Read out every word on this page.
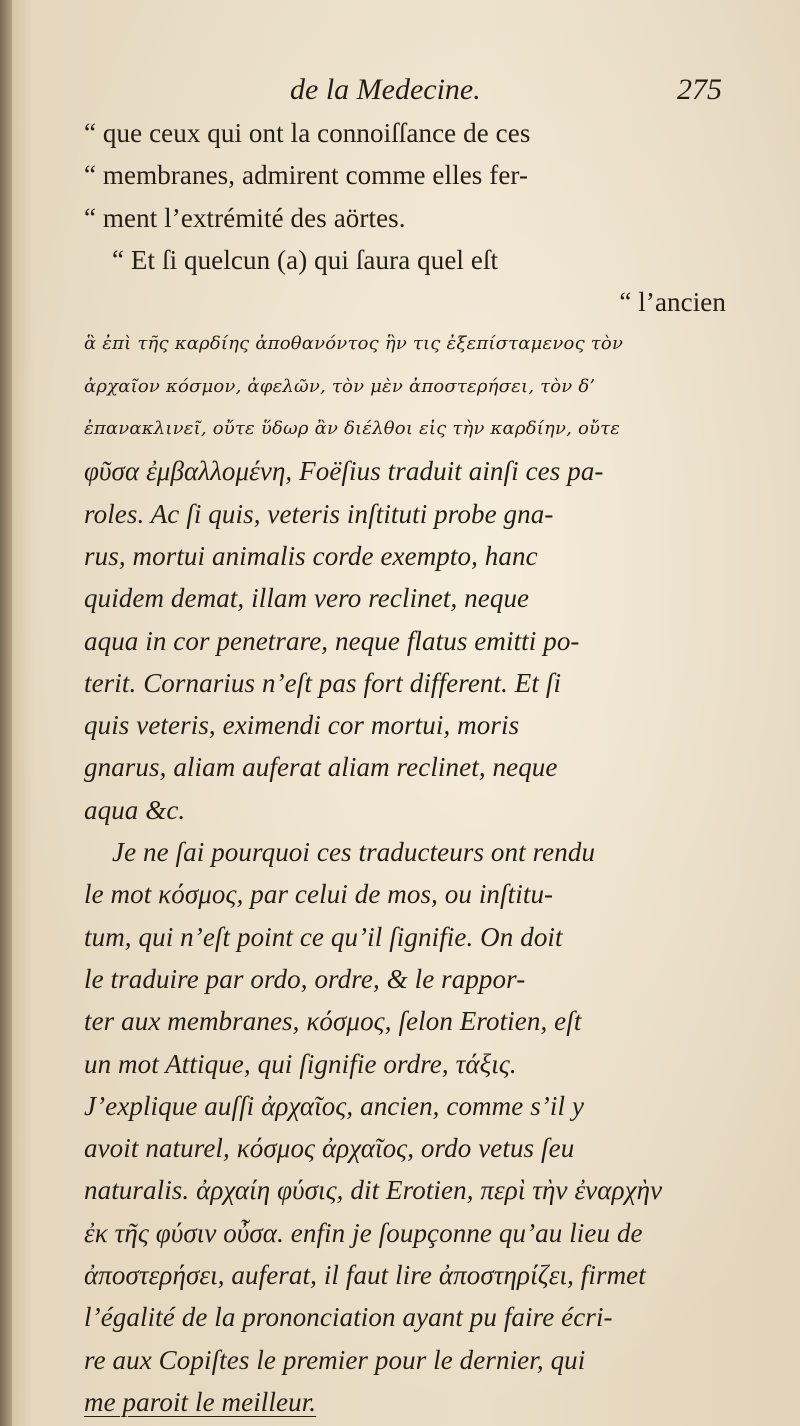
de la Medecine.	275
“ que ceux qui ont la connoiſſance de ces
“ membranes, admirent comme elles fer-
“ ment l’extrémité des aörtes.
“ Et ſi quelcun (a) qui ſaura quel eſt
“ l’ancien
ἃ ἐπὶ τῆς καρδίης ἀποθανόντος ἣν τις ἐξεπίσταμενος τὸν
ἀρχαῖον κόσμον, ἀφελῶν, τὸν μὲν ἀποστερήσει, τὸν δ’
ἐπανακλινεῖ, οὔτε ὕδωρ ἂν διέλθοι εἰς τὴν καρδίην, οὔτε
φῦσα ἐμβαλλομένη, Foëſius traduit ainſi ces pa-
roles. Ac ſi quis, veteris inſtituti probe gna-
rus, mortui animalis corde exempto, hanc
quidem demat, illam vero reclinet, neque
aqua in cor penetrare, neque flatus emitti po-
terit. Cornarius n’eſt pas fort different. Et ſi
quis veteris, eximendi cor mortui, moris
gnarus, aliam auferat aliam reclinet, neque
aqua &c.
Je ne ſai pourquoi ces traducteurs ont rendu
le mot κόσμος, par celui de mos, ou inſtitu-
tum, qui n’eſt point ce qu’il ſignifie. On doit
le traduire par ordo, ordre, & le rappor-
ter aux membranes, κόσμος, ſelon Erotien, eſt
un mot Attique, qui ſignifie ordre, τάξις.
J’explique auſſi ἀρχαῖος, ancien, comme s’il y
avoit naturel, κόσμος ἀρχαῖος, ordo vetus ſeu
naturalis. ἀρχαίη φύσις, dit Erotien, περὶ τὴν ἐναρχὴν
ἐκ τῆς φύσιν οὖσα. enfin je ſoupçonne qu’au lieu de
ἀποστερήσει, auferat, il faut lire ἀποστηρίζει, firmet
l’égalité de la prononciation ayant pu faire écri-
re aux Copiſtes le premier pour le dernier, qui
me paroit le meilleur.
